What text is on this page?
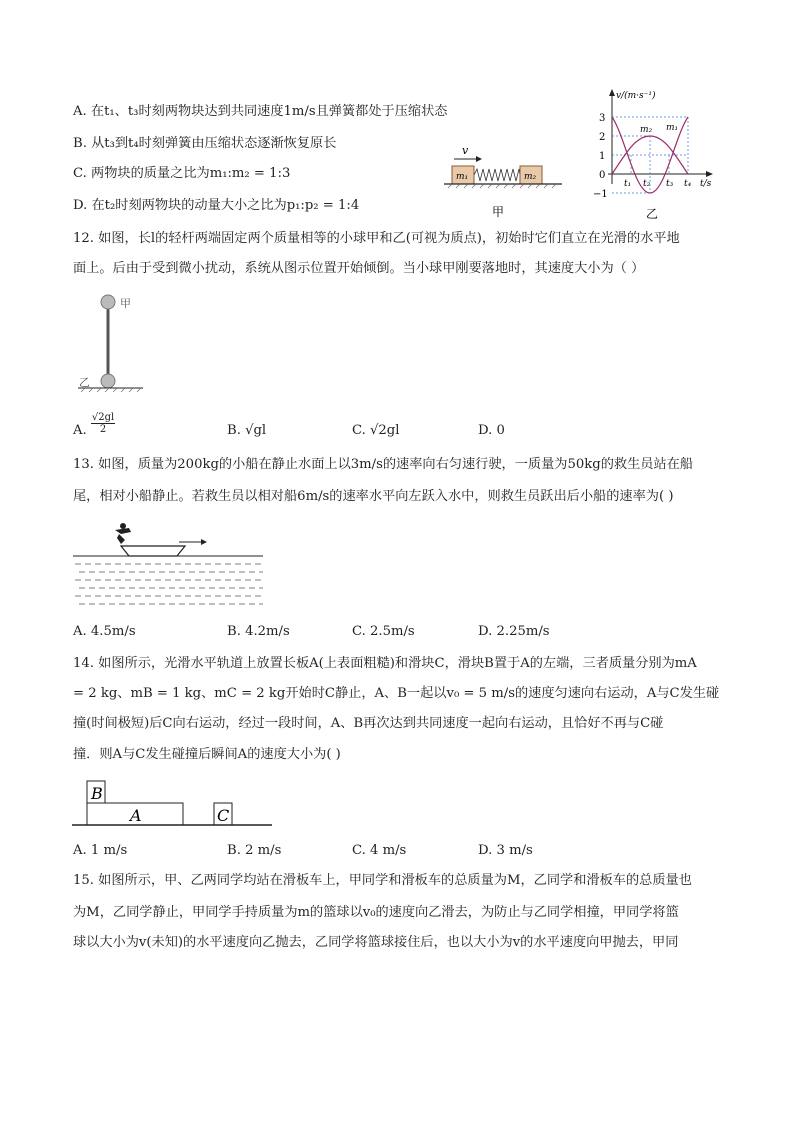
A. 在t₁、t₃时刻两物块达到共同速度1m/s且弹簧都处于压缩状态
B. 从t₃到t₄时刻弹簧由压缩状态逐渐恢复原长
C. 两物块的质量之比为m₁:m₂ = 1:3
D. 在t₂时刻两物块的动量大小之比为p₁:p₂ = 1:4
v
m₁	m₂
甲
v/(m·s⁻¹)
t/s
3
2
1
0
−1
t₁ t₂ t₃ t₄
m₂ m₁
乙
12. 如图，长l的轻杆两端固定两个质量相等的小球甲和乙(可视为质点)，初始时它们直立在光滑的水平地
面上。后由于受到微小扰动，系统从图示位置开始倾倒。当小球甲刚要落地时，其速度大小为（ ）
甲
乙
A. $\frac{√2gl}{2}$	B. √gl	C. √2gl	D. 0
13. 如图，质量为200kg的小船在静止水面上以3m/s的速率向右匀速行驶，一质量为50kg的救生员站在船
尾，相对小船静止。若救生员以相对船6m/s的速率水平向左跃入水中，则救生员跃出后小船的速率为( )
A. 4.5m/s	B. 4.2m/s	C. 2.5m/s	D. 2.25m/s
14. 如图所示，光滑水平轨道上放置长板A(上表面粗糙)和滑块C，滑块B置于A的左端，三者质量分别为mA
= 2 kg、mB = 1 kg、mC = 2 kg开始时C静止，A、B一起以v₀ = 5 m/s的速度匀速向右运动，A与C发生碰
撞(时间极短)后C向右运动，经过一段时间，A、B再次达到共同速度一起向右运动，且恰好不再与C碰
撞．则A与C发生碰撞后瞬间A的速度大小为( )
B
A	C
A. 1 m/s	B. 2 m/s	C. 4 m/s	D. 3 m/s
15. 如图所示，甲、乙两同学均站在滑板车上，甲同学和滑板车的总质量为M，乙同学和滑板车的总质量也
为M，乙同学静止，甲同学手持质量为m的篮球以v₀的速度向乙滑去，为防止与乙同学相撞，甲同学将篮
球以大小为v(未知)的水平速度向乙抛去，乙同学将篮球接住后，也以大小为v的水平速度向甲抛去，甲同
